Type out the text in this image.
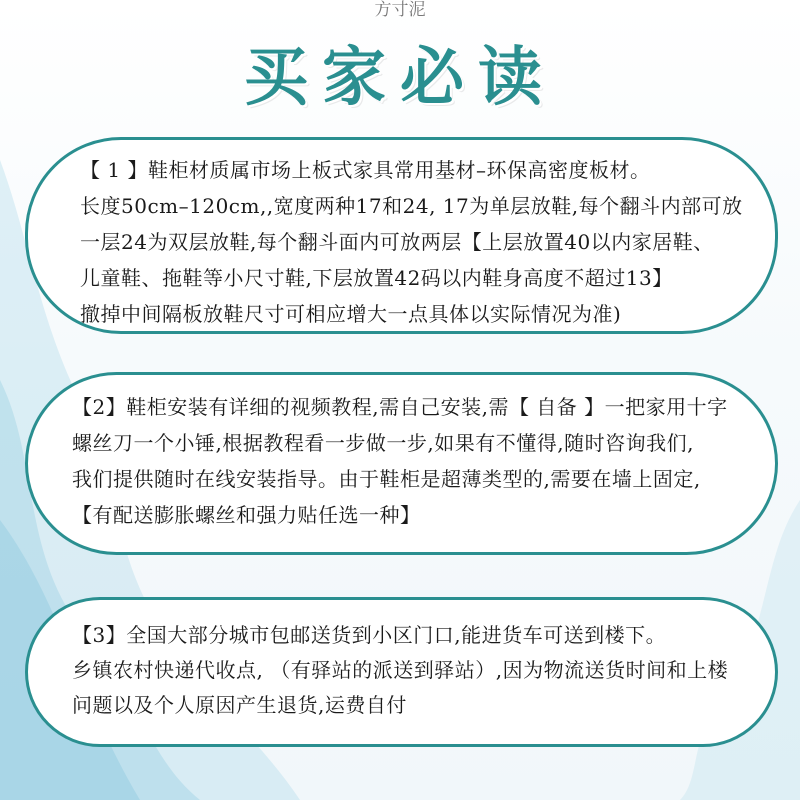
方寸泥
买家必读
【 1 】鞋柜材质属市场上板式家具常用基材–环保高密度板材。
长度50cm–120cm,,宽度两种17和24, 17为单层放鞋,每个翻斗内部可放
一层24为双层放鞋,每个翻斗面内可放两层【上层放置40以内家居鞋、
儿童鞋、拖鞋等小尺寸鞋,下层放置42码以内鞋身高度不超过13】
撤掉中间隔板放鞋尺寸可相应增大一点具体以实际情况为准)
【2】鞋柜安装有详细的视频教程,需自己安装,需【 自备 】一把家用十字
螺丝刀一个小锤,根据教程看一步做一步,如果有不懂得,随时咨询我们,
我们提供随时在线安装指导。由于鞋柜是超薄类型的,需要在墙上固定,
【有配送膨胀螺丝和强力贴任选一种】
【3】全国大部分城市包邮送货到小区门口,能进货车可送到楼下。
乡镇农村快递代收点, （有驿站的派送到驿站）,因为物流送货时间和上楼
问题以及个人原因产生退货,运费自付
